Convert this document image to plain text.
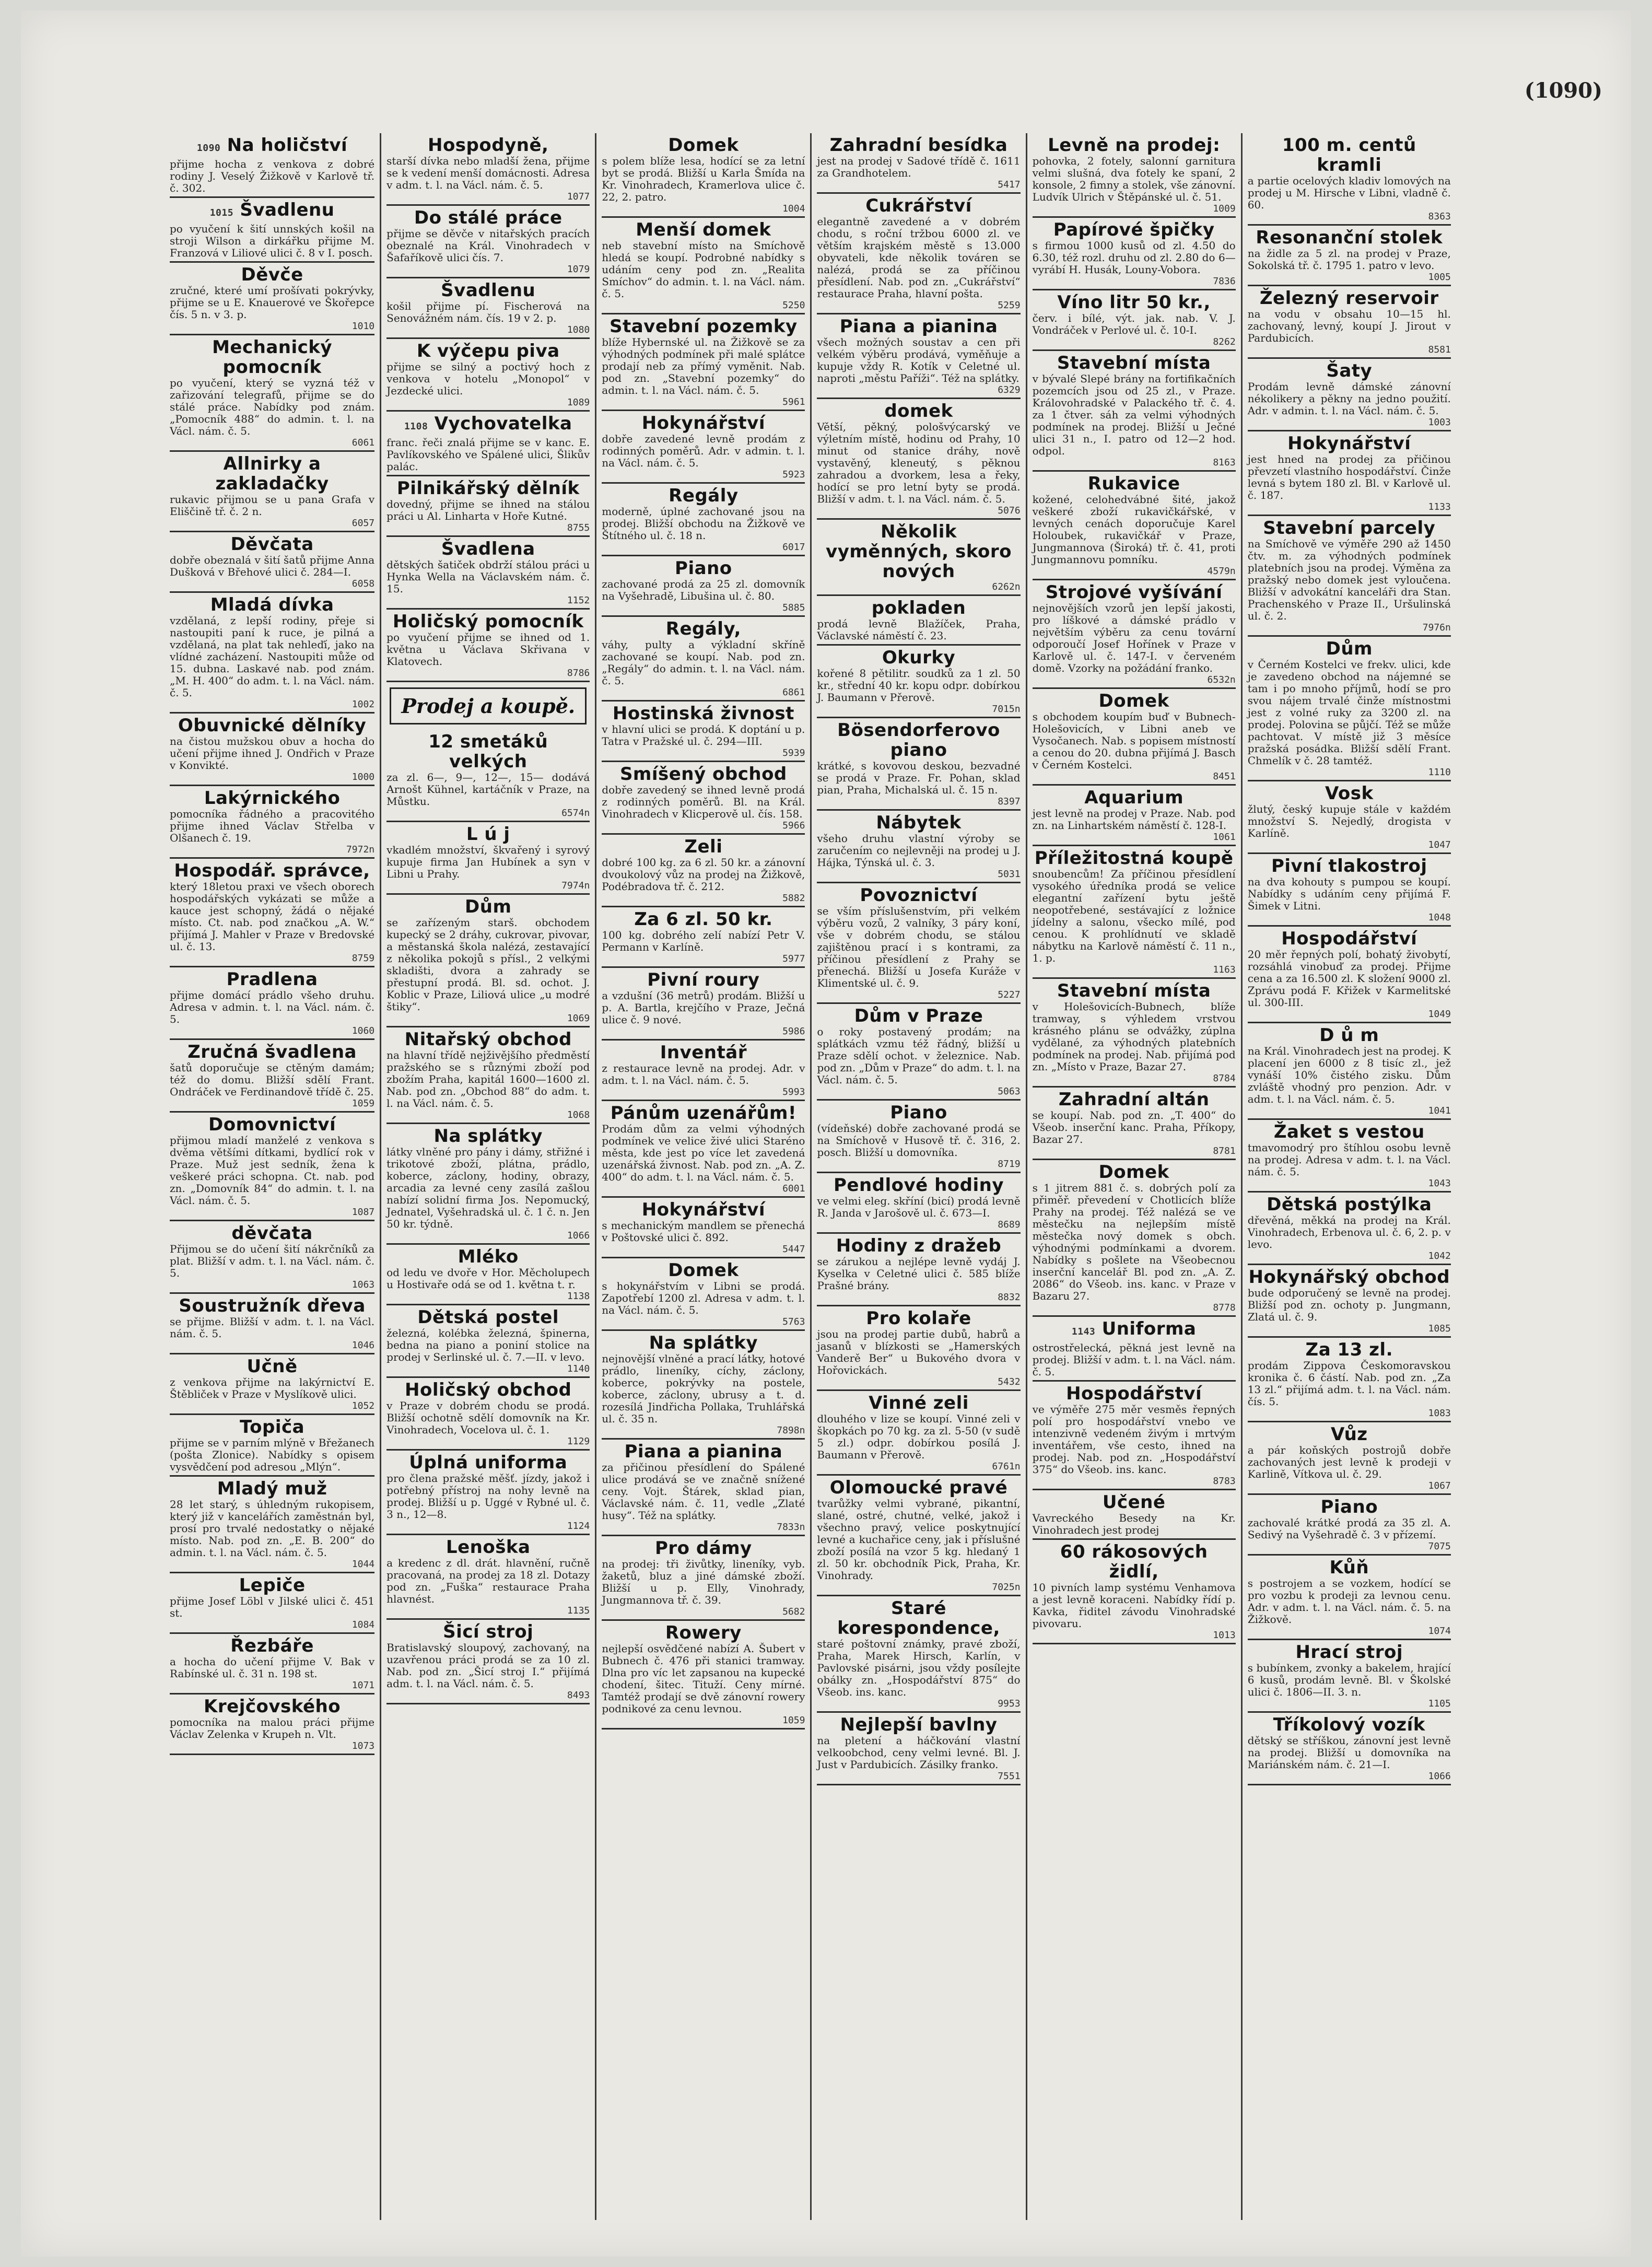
(1090)
1090 Na holičství

přijme hocha z venkova z dobré rodiny J. Veselý Žižkově v Karlově tř. č. 302.

1015 Švadlenu

po vyučení k šití unnských košil na stroji Wilson a dirkářku přijme M. Franzová v Liliové ulici č. 8 v I. posch.

Děvče

zručné, které umí prošívati pokrývky, přijme se u E. Knauerové ve Škořepce čís. 5 n. v 3. p.

1010
Mechanický pomocník

po vyučení, který se vyzná též v zařizování telegrafů, přijme se do stálé práce. Nabídky pod znám. „Pomocník 488“ do admin. t. l. na Václ. nám. č. 5.

6061
Allnirky a zakladačky

rukavic přijmou se u pana Grafa v Eliščině tř. č. 2 n.

6057
Děvčata

dobře obeznalá v šití šatů přijme Anna Dušková v Břehové ulici č. 284—I.

6058
Mladá dívka

vzdělaná, z lepší rodiny, přeje si nastoupiti paní k ruce, je pilná a vzdělaná, na plat tak nehleďí, jako na vlídné zacházení. Nastoupiti může od 15. dubna. Laskavé nab. pod znám. „M. H. 400“ do adm. t. l. na Václ. nám. č. 5.

1002
Obuvnické dělníky

na čistou mužskou obuv a hocha do učení přijme ihned J. Ondřich v Praze v Konvikté.

1000
Lakýrnického

pomocníka řádného a pracovitého přijme ihned Václav Střelba v Olšanech č. 19.

7972n
Hospodář. správce,

který 18letou praxi ve všech oborech hospodářských vykázati se může a kauce jest schopný, žádá o nějaké místo. Ct. nab. pod značkou „A. W.“ přijímá J. Mahler v Praze v Bredovské ul. č. 13.

8759
Pradlena

přijme domácí prádlo všeho druhu. Adresa v admin. t. l. na Václ. nám. č. 5.

1060
Zručná švadlena

šatů doporučuje se ctěným damám; též do domu. Bližší sdělí Frant. Ondráček ve Ferdinandově třídě č. 25.

1059
Domovnictví

přijmou mladí manželé z venkova s dvěma většími dítkami, bydlící rok v Praze. Muž jest sedník, žena k veškeré práci schopna. Ct. nab. pod zn. „Domovník 84“ do admin. t. l. na Václ. nám. č. 5.

1087
děvčata

Přijmou se do učení šití nákrčníků za plat. Bližší v adm. t. l. na Václ. nám. č. 5.

1063
Soustružník dřeva

se přijme. Bližší v adm. t. l. na Václ. nám. č. 5.

1046
Učně

z venkova přijme na lakýrnictví E. Štěbliček v Praze v Myslíkově ulici.

1052
Topiča

přijme se v parním mlýně v Břežanech (pošta Zlonice). Nabídky s opisem vysvědčení pod adresou „Mlýn“.

Mladý muž

28 let starý, s úhledným rukopisem, který již v kancelářích zaměstnán byl, prosí pro trvalé nedostatky o nějaké místo. Nab. pod zn. „E. B. 200“ do admin. t. l. na Václ. nám. č. 5.

1044
Lepiče

přijme Josef Löbl v Jilské ulici č. 451 st.

1084
Řezbáře

a hocha do učení přijme V. Bak v Rabínské ul. č. 31 n. 198 st.

1071
Krejčovského

pomocníka na malou práci přijme Václav Zelenka v Krupeh n. Vlt.

1073
Hospodyně,

starší dívka nebo mladší žena, přijme se k vedení menší domácnosti. Adresa v adm. t. l. na Václ. nám. č. 5.

1077
Do stálé práce

přijme se děvče v nitařských pracích obeznalé na Král. Vinohradech v Šafaříkově ulici čís. 7.

1079
Švadlenu

košil přijme pí. Fischerová na Senovážném nám. čís. 19 v 2. p.

1080
K výčepu piva

přijme se silný a poctivý hoch z venkova v hotelu „Monopol“ v Jezdecké ulici.

1089
1108 Vychovatelka

franc. řeči znalá přijme se v kanc. E. Pavlíkovského ve Spálené ulici, Šlikův palác.

Pilnikářský dělník

dovedný, přijme se ihned na stálou práci u Al. Linharta v Hoře Kutné.

8755
Švadlena

dětských šatiček obdrží stálou práci u Hynka Wella na Václavském nám. č. 15.

1152
Holičský pomocník

po vyučení přijme se ihned od 1. května u Václava Skřivana v Klatovech.

8786
Prodej a koupě.
12 smetáků velkých

za zl. 6—, 9—, 12—, 15— dodává Arnošt Kühnel, kartáčník v Praze, na Můstku.

6574n
L ú j

vkadlém množství, škvařený i syrový kupuje firma Jan Hubínek a syn v Libni u Prahy.

7974n
Dům

se zařízeným starš. obchodem kupecký se 2 dráhy, cukrovar, pivovar, a městanská škola nalézá, zestavající z několika pokojů s přísl., 2 velkými skladišti, dvora a zahrady se přestupní prodá. Bl. sd. ochot. J. Koblic v Praze, Liliová ulice „u modré štiky“.

1069
Nitařský obchod

na hlavní třídě nejživějšího předměstí pražského se s různými zboží pod zbožím Praha, kapitál 1600—1600 zl. Nab. pod zn. „Obchod 88“ do adm. t. l. na Václ. nám. č. 5.

1068
Na splátky

látky vlněné pro pány i dámy, střižné i trikotové zboží, plátna, prádlo, koberce, záclony, hodiny, obrazy, arcadia za levné ceny zasílá zašlou nabízí solidní firma Jos. Nepomucký, Jednatel, Vyšehradská ul. č. 1 č. n. Jen 50 kr. týdně.

1066
Mléko

od ledu ve dvoře v Hor. Měcholupech u Hostivaře odá se od 1. května t. r.

1138
Dětská postel

železná, kolébka železná, špinerna, bedna na piano a poniní stolice na prodej v Serlinské ul. č. 7.—II. v levo.

1140
Holičský obchod

v Praze v dobrém chodu se prodá. Bližší ochotně sdělí domovník na Kr. Vinohradech, Vocelova ul. č. 1.

1129
Úplná uniforma

pro člena pražské měšť. jízdy, jakož i potřebný přístroj na nohy levně na prodej. Bližší u p. Uggé v Rybné ul. č. 3 n., 12—8.

1124
Lenoška

a kredenc z dl. drát. hlavnění, ručně pracovaná, na prodej za 18 zl. Dotazy pod zn. „Fuška“ restaurace Praha hlavnést.

1135
Šicí stroj

Bratislavský sloupový, zachovaný, na uzavřenou práci prodá se za 10 zl. Nab. pod zn. „Šicí stroj I.“ přijímá adm. t. l. na Václ. nám. č. 5.

8493
Domek

s polem blíže lesa, hodící se za letní byt se prodá. Bližší u Karla Šmída na Kr. Vinohradech, Kramerlova ulice č. 22, 2. patro.

1004
Menší domek

neb stavební místo na Smíchově hledá se koupí. Podrobné nabídky s udáním ceny pod zn. „Realita Smíchov“ do admin. t. l. na Václ. nám. č. 5.

5250
Stavební pozemky

blíže Hybernské ul. na Žižkově se za výhodných podmínek při malé splátce prodají neb za přímý vyměnit. Nab. pod zn. „Stavební pozemky“ do admin. t. l. na Václ. nám. č. 5.

5961
Hokynářství

dobře zavedené levně prodám z rodinných poměrů. Adr. v admin. t. l. na Václ. nám. č. 5.

5923
Regály

moderně, úplné zachované jsou na prodej. Bližší obchodu na Žižkově ve Štítného ul. č. 18 n.

6017
Piano

zachované prodá za 25 zl. domovník na Vyšehradě, Libušina ul. č. 80.

5885
Regály,

váhy, pulty a výkladní skříně zachované se koupí. Nab. pod zn. „Regály“ do admin. t. l. na Václ. nám. č. 5.

6861
Hostinská živnost

v hlavní ulici se prodá. K doptání u p. Tatra v Pražské ul. č. 294—III.

5939
Smíšený obchod

dobře zavedený se ihned levně prodá z rodinných poměrů. Bl. na Král. Vinohradech v Klicperově ul. čís. 158.

5966
Zeli

dobré 100 kg. za 6 zl. 50 kr. a zánovní dvoukolový vůz na prodej na Žižkově, Podébradova tř. č. 212.

5882
Za 6 zl. 50 kr.

100 kg. dobrého zelí nabízí Petr V. Permann v Karlíně.

5977
Pivní roury

a vzdušní (36 metrů) prodám. Bližší u p. A. Bartla, krejčího v Praze, Ječná ulice č. 9 nové.

5986
Inventář

z restaurace levně na prodej. Adr. v adm. t. l. na Václ. nám. č. 5.

5993
Pánům uzenářům!

Prodám dům za velmi výhodných podmínek ve velice živé ulici Staréno města, kde jest po více let zavedená uzenářská živnost. Nab. pod zn. „A. Z. 400“ do adm. t. l. na Václ. nám. č. 5.

6001
Hokynářství

s mechanickým mandlem se přenechá v Poštovské ulici č. 892.

5447
Domek

s hokynářstvím v Libni se prodá. Zapotřebí 1200 zl. Adresa v adm. t. l. na Václ. nám. č. 5.

5763
Na splátky

nejnovější vlněné a prací látky, hotové prádlo, lineníky, cíchy, záclony, koberce, pokrývky na postele, koberce, záclony, ubrusy a t. d. rozesílá Jindřicha Pollaka, Truhlářská ul. č. 35 n.

7898n
Piana a pianina

za přičinou přesídlení do Spálené ulice prodává se ve značně snížené ceny. Vojt. Štárek, sklad pian, Václavské nám. č. 11, vedle „Zlaté husy“. Též na splátky.

7833n
Pro dámy

na prodej: tři živůtky, lineníky, vyb. žaketů, bluz a jiné dámské zboží. Bližší u p. Elly, Vinohrady, Jungmannova tř. č. 39.

5682
Rowery

nejlepší osvědčené nabízí A. Šubert v Bubnech č. 476 při stanici tramway. Dlna pro víc let zapsanou na kupecké chodení, šitec. Tituží. Ceny mírné. Tamtéž prodají se dvě zánovní rowery podnikové za cenu levnou.

1059
Zahradní besídka

jest na prodej v Sadové třídě č. 1611 za Grandhotelem.

5417
Cukrářství

elegantně zavedené a v dobrém chodu, s roční tržbou 6000 zl. ve větším krajském městě s 13.000 obyvateli, kde několik továren se nalézá, prodá se za příčinou přesídlení. Nab. pod zn. „Cukrářství“ restaurace Praha, hlavní pošta.

5259
Piana a pianina

všech možných soustav a cen při velkém výběru prodává, vyměňuje a kupuje vždy R. Kotík v Celetné ul. naproti „městu Paříži“. Též na splátky.

6329
domek

Větší, pěkný, pološvýcarský ve výletním místě, hodinu od Prahy, 10 minut od stanice dráhy, nově vystavěný, kleneutý, s pěknou zahradou a dvorkem, lesa a řeky, hodící se pro letní byty se prodá. Bližší v adm. t. l. na Václ. nám. č. 5.

5076
Několik vyměnných, skoro nových
6262n
pokladen

prodá levně Blažíček, Praha, Václavské náměstí č. 23.

Okurky

kořené 8 pětilitr. soudků za 1 zl. 50 kr., střední 40 kr. kopu odpr. dobírkou J. Baumann v Přerově.

7015n
Bösendorferovo piano

krátké, s kovovou deskou, bezvadné se prodá v Praze. Fr. Pohan, sklad pian, Praha, Michalská ul. č. 15 n.

8397
Nábytek

všeho druhu vlastní výroby se zaručením co nejlevněji na prodej u J. Hájka, Týnská ul. č. 3.

5031
Povoznictví

se vším příslušenstvím, při velkém výběru vozů, 2 valníky, 3 páry koní, vše v dobrém chodu, se stálou zajištěnou prací i s kontrami, za příčinou přesídlení z Prahy se přenechá. Bližší u Josefa Kuráže v Klimentské ul. č. 9.

5227
Dům v Praze

o roky postavený prodám; na splátkách vzmu též řádný, bližší u Praze sdělí ochot. v železnice. Nab. pod zn. „Dům v Praze“ do adm. t. l. na Václ. nám. č. 5.

5063
Piano

(vídeňské) dobře zachované prodá se na Smíchově v Husově tř. č. 316, 2. posch. Bližší u domovníka.

8719
Pendlové hodiny

ve velmi eleg. skříní (bicí) prodá levně R. Janda v Jarošově ul. č. 673—I.

8689
Hodiny z dražeb

se zárukou a nejlépe levně vydáj J. Kyselka v Celetné ulici č. 585 blíže Prašné brány.

8832
Pro kolaře

jsou na prodej partie dubů, habrů a jasanů v blízkosti se „Hamerských Vanderě Ber“ u Bukového dvora v Hořovickách.

5432
Vinné zeli

dlouhého v lize se koupí. Vinné zeli v škopkách po 70 kg. za zl. 5-50 (v sudě 5 zl.) odpr. dobírkou posílá J. Baumann v Přerově.

6761n
Olomoucké pravé

tvarůžky velmi vybrané, pikantní, slané, ostré, chutné, velké, jakož i všechno pravý, velice poskytnující levné a kuchařice ceny, jak i příslušné zboží posílá na vzor 5 kg. hledaný 1 zl. 50 kr. obchodník Pick, Praha, Kr. Vinohrady.

7025n
Staré korespondence,

staré poštovní známky, pravé zboží, Praha, Marek Hirsch, Karlín, v Pavlovské pisárni, jsou vždy posílejte obálky zn. „Hospodářství 875“ do Všeob. ins. kanc.

9953
Nejlepší bavlny

na pletení a háčkování vlastní velkoobchod, ceny velmi levné. Bl. J. Just v Pardubicích. Zásilky franko.

7551
Levně na prodej:

pohovka, 2 fotely, salonní garnitura velmi slušná, dva fotely ke spaní, 2 konsole, 2 fimny a stolek, vše zánovní. Ludvík Ulrich v Štěpánské ul. č. 51.

1009
Papírové špičky

s firmou 1000 kusů od zl. 4.50 do 6.30, též rozl. druhu od zl. 2.80 do 6— vyrábí H. Husák, Louny-Vobora.

7836
Víno litr 50 kr.,

červ. i bílé, výt. jak. nab. V. J. Vondráček v Perlové ul. č. 10-I.

8262
Stavební místa

v bývalé Slepé brány na fortifikačních pozemcích jsou od 25 zl., v Praze. Královohradské v Palackého tř. č. 4. za 1 čtver. sáh za velmi výhodných podmínek na prodej. Bližší u Ječné ulici 31 n., I. patro od 12—2 hod. odpol.

8163
Rukavice

kožené, celohedvábné šité, jakož veškeré zboží rukavičkářské, v levných cenách doporučuje Karel Holoubek, rukavičkář v Praze, Jungmannova (Široká) tř. č. 41, proti Jungmannovu pomníku.

4579n
Strojové vyšívání

nejnovějších vzorů jen lepší jakosti, pro líškové a dámské prádlo v největším výběru za cenu tovární odporoučí Josef Hořínek v Praze v Karlově ul. č. 147-I. v červeném domě. Vzorky na požádání franko.

6532n
Domek

s obchodem koupím buď v Bubnech-Holešovicích, v Libni aneb ve Vysočanech. Nab. s popisem místností a cenou do 20. dubna přijímá J. Basch v Černém Kostelci.

8451
Aquarium

jest levně na prodej v Praze. Nab. pod zn. na Linhartském náměstí č. 128-I.

1061
Příležitostná koupě

snoubencům! Za příčinou přesídlení vysokého úředníka prodá se velice elegantní zařízení bytu ještě neopotřebené, sestávající z ložnice jídelny a salonu, všecko mílé, pod cenou. K prohlídnutí ve skladě nábytku na Karlově náměstí č. 11 n., 1. p.

1163
Stavební místa

v Holešovicích-Bubnech, blíže tramway, s výhledem vrstvou krásného plánu se odvážky, zúplna vydělané, za výhodných platebních podmínek na prodej. Nab. přijímá pod zn. „Místo v Praze, Bazar 27.

8784
Zahradní altán

se koupí. Nab. pod zn. „T. 400“ do Všeob. inserční kanc. Praha, Příkopy, Bazar 27.

8781
Domek

s 1 jitrem 881 č. s. dobrých polí za přiměř. převedení v Chotlicích blíže Prahy na prodej. Též nalézá se ve městečku na nejlepším místě městečka nový domek s obch. výhodnými podmínkami a dvorem. Nabídky s pošlete na Všeobecnou inserční kancelář Bl. pod zn. „A. Z. 2086“ do Všeob. ins. kanc. v Praze v Bazaru 27.

8778
1143 Uniforma

ostrostřelecká, pěkná jest levně na prodej. Bližší v adm. t. l. na Václ. nám. č. 5.

Hospodářství

ve výměře 275 měr vesměs řepných polí pro hospodářství vnebo ve intenzivně vedeném živým i mrtvým inventářem, vše cesto, ihned na prodej. Nab. pod zn. „Hospodářství 375“ do Všeob. ins. kanc.

8783
Učené

Vavreckého Besedy na Kr. Vinohradech jest prodej

60 rákosových židlí,

10 pivních lamp systému Venhamova a jest levně koraceni. Nabídky řídí p. Kavka, řiditel závodu Vinohradské pivovaru.

1013
100 m. centů kramli

a partie ocelových kladiv lomových na prodej u M. Hirsche v Libni, vladně č. 60.

8363
Resonanční stolek

na židle za 5 zl. na prodej v Praze, Sokolská tř. č. 1795 1. patro v levo.

1005
Železný reservoir

na vodu v obsahu 10—15 hl. zachovaný, levný, koupí J. Jirout v Pardubicích.

8581
Šaty

Prodám levně dámské zánovní nékolikery a pěkny na jedno použití. Adr. v admin. t. l. na Václ. nám. č. 5.

1003
Hokynářství

jest hned na prodej za přičinou převzetí vlastního hospodářství. Činže levná s bytem 180 zl. Bl. v Karlově ul. č. 187.

1133
Stavební parcely

na Smíchově ve výměře 290 až 1450 čtv. m. za výhodných podmínek platebních jsou na prodej. Výměna za pražský nebo domek jest vyloučena. Bližší v advokátní kanceláři dra Stan. Prachenského v Praze II., Uršulinská ul. č. 2.

7976n
Dům

v Černém Kostelci ve frekv. ulici, kde je zavedeno obchod na nájemné se tam i po mnoho příjmů, hodí se pro svou nájem trvalé činže místnostmi jest z volné ruky za 3200 zl. na prodej. Polovina se půjčí. Též se může pachtovat. V místě již 3 měsíce pražská posádka. Bližší sdělí Frant. Chmelík v č. 28 tamtéž.

1110
Vosk

žlutý, český kupuje stále v každém množství S. Nejedlý, drogista v Karlíně.

1047
Pivní tlakostroj

na dva kohouty s pumpou se koupí. Nabídky s udáním ceny přijímá F. Šimek v Litni.

1048
Hospodářství

20 měr řepných polí, bohatý živobytí, rozsáhlá vinobuď za prodej. Přijme cena a za 16.500 zl. K složení 9000 zl. Zprávu podá F. Křižek v Karmelitské ul. 300-III.

1049
D ů m

na Král. Vinohradech jest na prodej. K placení jen 6000 z 8 tisíc zl., jež vynáší 10% čistého zisku. Dům zvláště vhodný pro penzion. Adr. v adm. t. l. na Václ. nám. č. 5.

1041
Žaket s vestou

tmavomodrý pro štíhlou osobu levně na prodej. Adresa v adm. t. l. na Václ. nám. č. 5.

1043
Dětská postýlka

dřevěná, měkká na prodej na Král. Vinohradech, Erbenova ul. č. 6, 2. p. v levo.

1042
Hokynářský obchod

bude odporučený se levně na prodej. Bližší pod zn. ochoty p. Jungmann, Zlatá ul. č. 9.

1085
Za 13 zl.

prodám Zippova Českomoravskou kronika č. 6 částí. Nab. pod zn. „Za 13 zl.“ přijímá adm. t. l. na Václ. nám. čís. 5.

1083
Vůz

a pár koňských postrojů dobře zachovaných jest levně k prodeji v Karlině, Vítkova ul. č. 29.

1067
Piano

zachovalé krátké prodá za 35 zl. A. Sedivý na Vyšehradě č. 3 v přízemí.

7075
Kůň

s postrojem a se vozkem, hodící se pro vozbu k prodeji za levnou cenu. Adr. v adm. t. l. na Václ. nám. č. 5. na Žižkově.

1074
Hrací stroj

s bubínkem, zvonky a bakelem, hrající 6 kusů, prodám levně. Bl. v Školské ulici č. 1806—II. 3. n.

1105
Tříkolový vozík

dětský se stříškou, zánovní jest levně na prodej. Bližší u domovníka na Mariánském nám. č. 21—I.

1066
